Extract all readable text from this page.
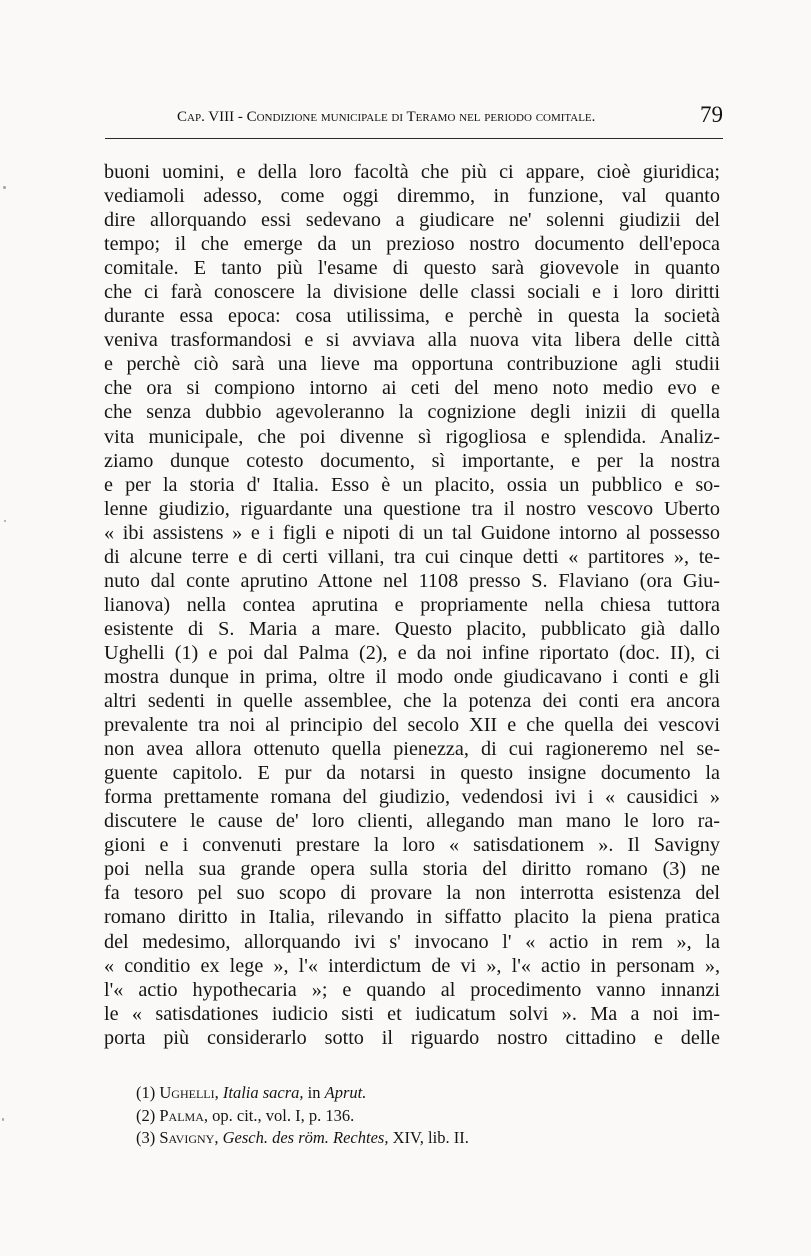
Cap. VIII - Condizione municipale di Teramo nel periodo comitale.	79
buoni uomini, e della loro facoltà che più ci appare, cioè giuridica;
vediamoli adesso, come oggi diremmo, in funzione, val quanto
dire allorquando essi sedevano a giudicare ne' solenni giudizii del
tempo; il che emerge da un prezioso nostro documento dell'epoca
comitale. E tanto più l'esame di questo sarà giovevole in quanto
che ci farà conoscere la divisione delle classi sociali e i loro diritti
durante essa epoca: cosa utilissima, e perchè in questa la società
veniva trasformandosi e si avviava alla nuova vita libera delle città
e perchè ciò sarà una lieve ma opportuna contribuzione agli studii
che ora si compiono intorno ai ceti del meno noto medio evo e
che senza dubbio agevoleranno la cognizione degli inizii di quella
vita municipale, che poi divenne sì rigogliosa e splendida. Analiz-
ziamo dunque cotesto documento, sì importante, e per la nostra
e per la storia d' Italia. Esso è un placito, ossia un pubblico e so-
lenne giudizio, riguardante una questione tra il nostro vescovo Uberto
« ibi assistens » e i figli e nipoti di un tal Guidone intorno al possesso
di alcune terre e di certi villani, tra cui cinque detti « partitores », te-
nuto dal conte aprutino Attone nel 1108 presso S. Flaviano (ora Giu-
lianova) nella contea aprutina e propriamente nella chiesa tuttora
esistente di S. Maria a mare. Questo placito, pubblicato già dallo
Ughelli (1) e poi dal Palma (2), e da noi infine riportato (doc. II), ci
mostra dunque in prima, oltre il modo onde giudicavano i conti e gli
altri sedenti in quelle assemblee, che la potenza dei conti era ancora
prevalente tra noi al principio del secolo XII e che quella dei vescovi
non avea allora ottenuto quella pienezza, di cui ragioneremo nel se-
guente capitolo. E pur da notarsi in questo insigne documento la
forma prettamente romana del giudizio, vedendosi ivi i « causidici »
discutere le cause de' loro clienti, allegando man mano le loro ra-
gioni e i convenuti prestare la loro « satisdationem ». Il Savigny
poi nella sua grande opera sulla storia del diritto romano (3) ne
fa tesoro pel suo scopo di provare la non interrotta esistenza del
romano diritto in Italia, rilevando in siffatto placito la piena pratica
del medesimo, allorquando ivi s' invocano l' « actio in rem », la
« conditio ex lege », l'« interdictum de vi », l'« actio in personam »,
l'« actio hypothecaria »; e quando al procedimento vanno innanzi
le « satisdationes iudicio sisti et iudicatum solvi ». Ma a noi im-
porta più considerarlo sotto il riguardo nostro cittadino e delle
(1) Ughelli, Italia sacra, in Aprut.
(2) Palma, op. cit., vol. I, p. 136.
(3) Savigny, Gesch. des röm. Rechtes, XIV, lib. II.
